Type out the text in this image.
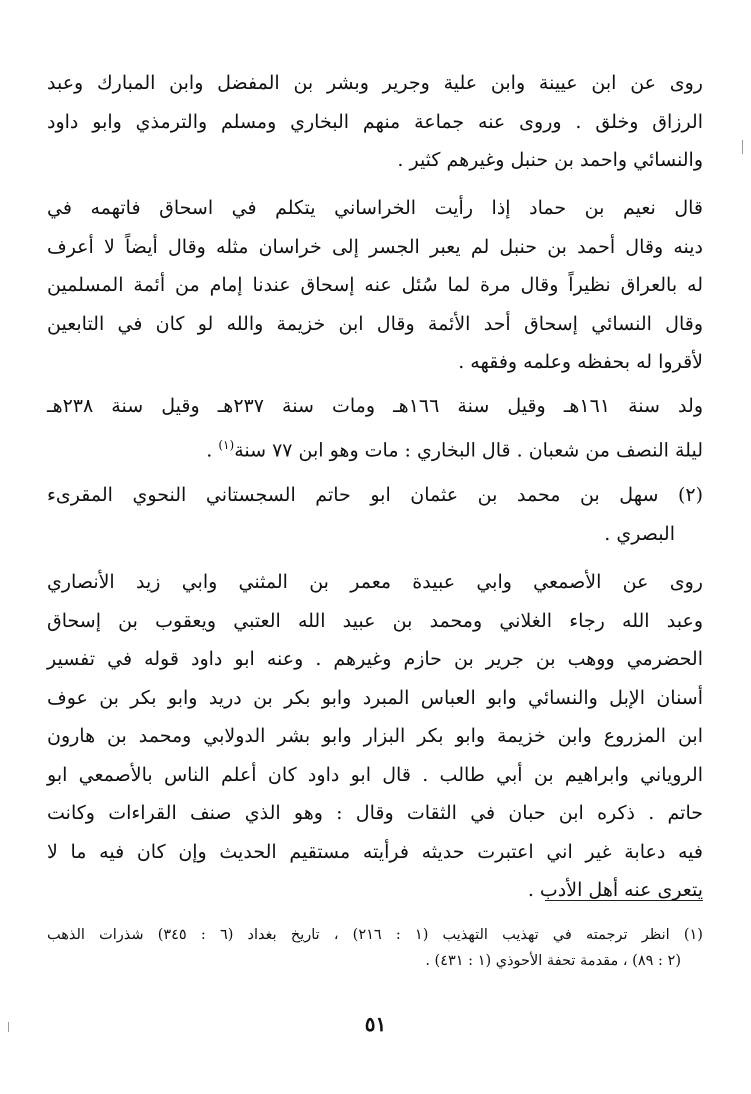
روى عن ابن عيينة وابن علية وجرير وبشر بن المفضل وابن المبارك وعبد
الرزاق وخلق . وروى عنه جماعة منهم البخاري ومسلم والترمذي وابو داود
والنسائي واحمد بن حنبل وغيرهم كثير .
قال نعيم بن حماد إذا رأيت الخراساني يتكلم في اسحاق فاتهمه في
دينه وقال أحمد بن حنبل لم يعبر الجسر إلى خراسان مثله وقال أيضاً لا أعرف
له بالعراق نظيراً وقال مرة لما سُئل عنه إسحاق عندنا إمام من أئمة المسلمين
وقال النسائي إسحاق أحد الأئمة وقال ابن خزيمة والله لو كان في التابعين
لأقروا له بحفظه وعلمه وفقهه .
ولد سنة ١٦١هـ وقيل سنة ١٦٦هـ ومات سنة ٢٣٧هـ وقيل سنة ٢٣٨هـ
ليلة النصف من شعبان . قال البخاري : مات وهو ابن ٧٧ سنة$^{(١)}$ .
(٢) سهل بن محمد بن عثمان ابو حاتم السجستاني النحوي المقرىء
البصري .
روى عن الأصمعي وابي عبيدة معمر بن المثني وابي زيد الأنصاري
وعبد الله رجاء الغلاني ومحمد بن عبيد الله العتبي ويعقوب بن إسحاق
الحضرمي ووهب بن جرير بن حازم وغيرهم . وعنه ابو داود قوله في تفسير
أسنان الإبل والنسائي وابو العباس المبرد وابو بكر بن دريد وابو بكر بن عوف
ابن المزروع وابن خزيمة وابو بكر البزار وابو بشر الدولابي ومحمد بن هارون
الروياني وابراهيم بن أبي طالب . قال ابو داود كان أعلم الناس بالأصمعي ابو
حاتم . ذكره ابن حبان في الثقات وقال : وهو الذي صنف القراءات وكانت
فيه دعابة غير اني اعتبرت حديثه فرأيته مستقيم الحديث وإن كان فيه ما لا
يتعرى عنه أهل الأدب .
(١) انظر ترجمته في تهذيب التهذيب (١ : ٢١٦) ، تاريخ بغداد (٦ : ٣٤٥) شذرات الذهب
(٢ : ٨٩) ، مقدمة تحفة الأحوذي (١ : ٤٣١) .
٥١
